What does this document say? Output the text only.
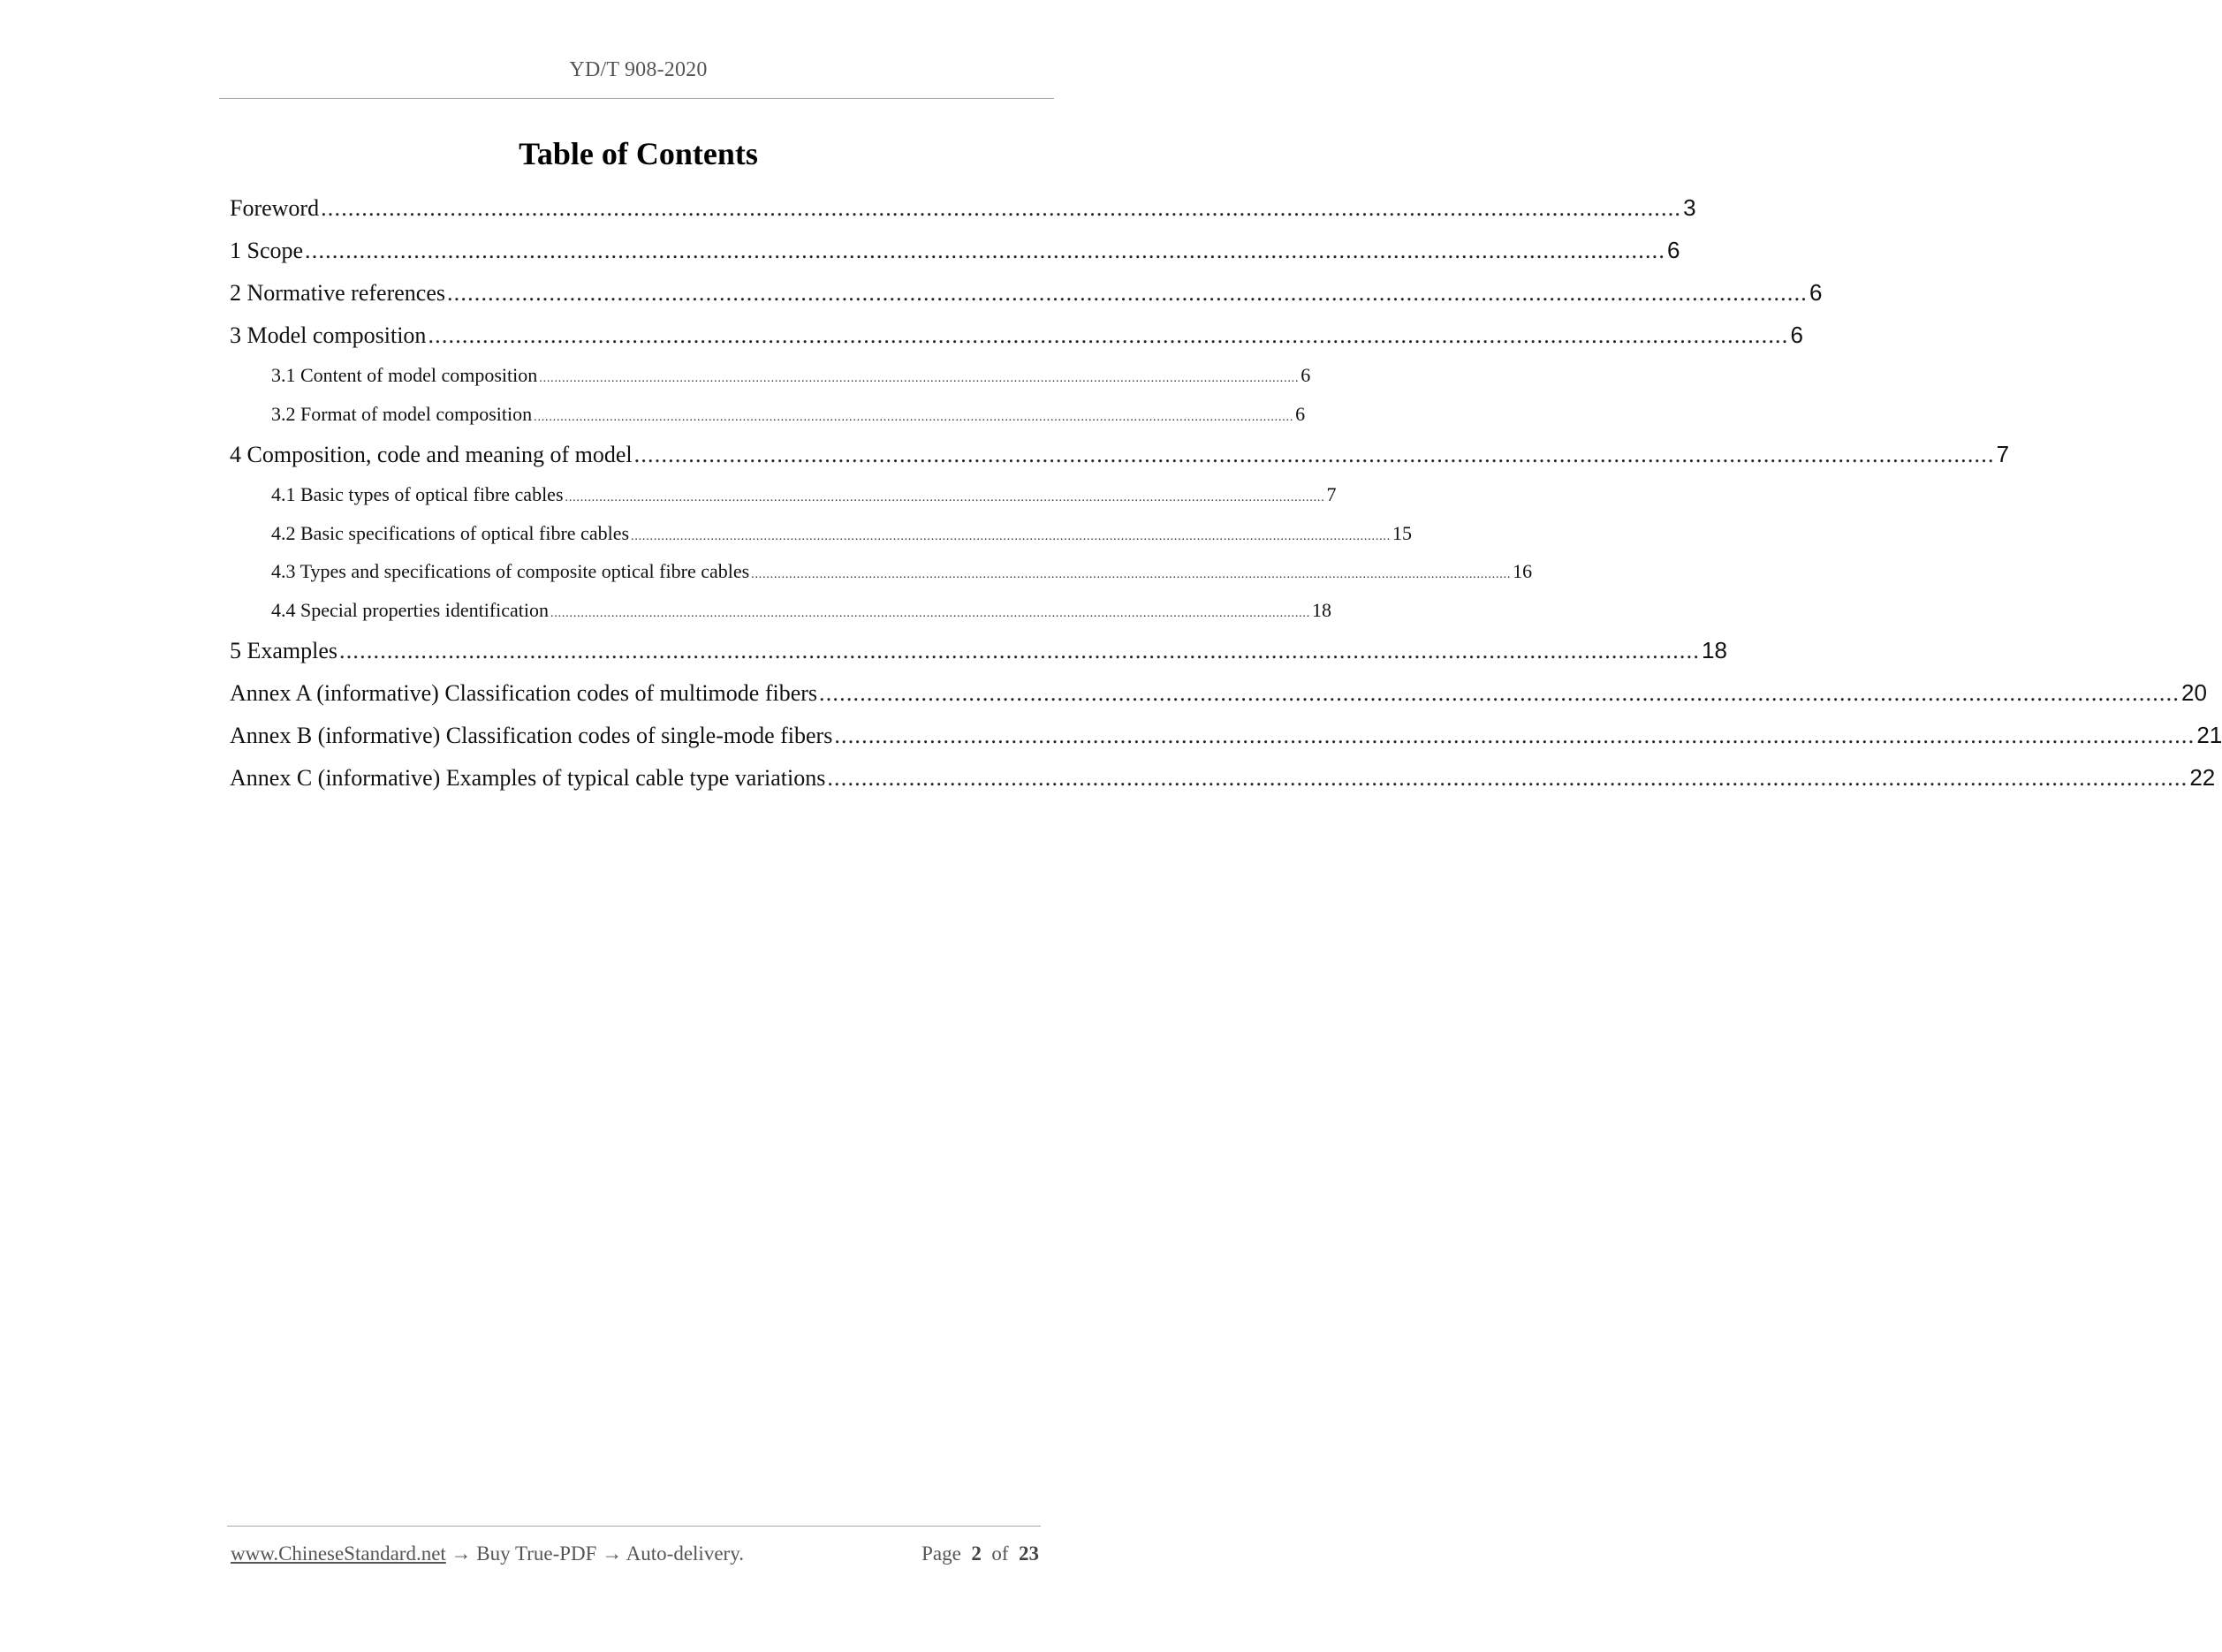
YD/T 908-2020
Table of Contents
Foreword ........................................................................................................................................................................................................ 3
1 Scope ........................................................................................................................................................................................................ 6
2 Normative references ........................................................................................................................................................................................................ 6
3 Model composition ........................................................................................................................................................................................................ 6
3.1 Content of model composition ........................................................................................................................................................................................................ 6
3.2 Format of model composition ........................................................................................................................................................................................................ 6
4 Composition, code and meaning of model ........................................................................................................................................................................................................ 7
4.1 Basic types of optical fibre cables ........................................................................................................................................................................................................ 7
4.2 Basic specifications of optical fibre cables ........................................................................................................................................................................................................ 15
4.3 Types and specifications of composite optical fibre cables ........................................................................................................................................................................................................ 16
4.4 Special properties identification ........................................................................................................................................................................................................ 18
5 Examples ........................................................................................................................................................................................................ 18
Annex A (informative) Classification codes of multimode fibers ........................................................................................................................................................................................................ 20
Annex B (informative) Classification codes of single-mode fibers ........................................................................................................................................................................................................ 21
Annex C (informative) Examples of typical cable type variations ........................................................................................................................................................................................................ 22
www.ChineseStandard.net → Buy True-PDF → Auto-delivery.	Page 2 of 23
